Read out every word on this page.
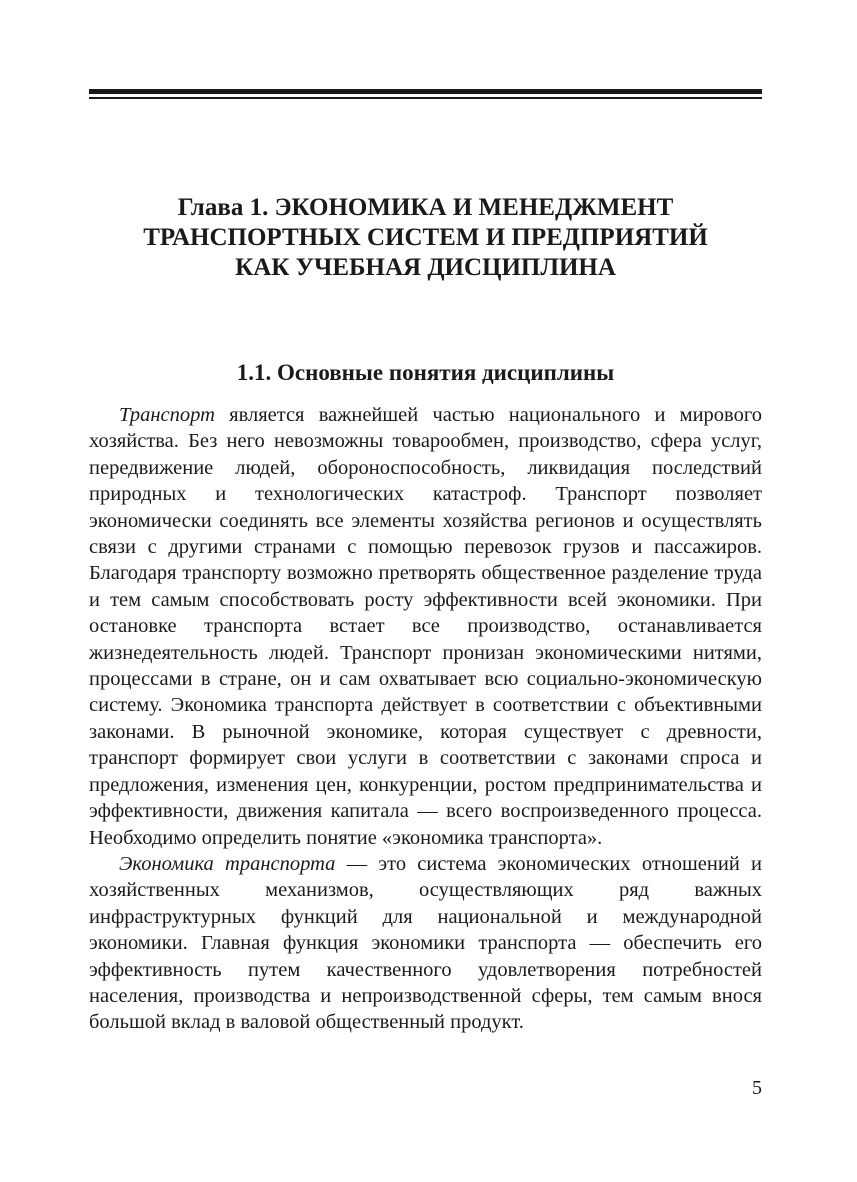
Глава 1. ЭКОНОМИКА И МЕНЕДЖМЕНТ
ТРАНСПОРТНЫХ СИСТЕМ И ПРЕДПРИЯТИЙ
КАК УЧЕБНАЯ ДИСЦИПЛИНА
1.1. Основные понятия дисциплины

Транспорт является важнейшей частью национального и мирового хозяйства. Без него невозможны товарообмен, производство, сфера услуг, передвижение людей, обороноспособность, ликвидация последствий природных и технологических катастроф. Транспорт позволяет экономически соединять все элементы хозяйства регионов и осуществлять связи с другими странами с помощью перевозок грузов и пассажиров. Благодаря транспорту возможно претворять общественное разделение труда и тем самым способствовать росту эффективности всей экономики. При остановке транспорта встает все производство, останавливается жизнедеятельность людей. Транспорт пронизан экономическими нитями, процессами в стране, он и сам охватывает всю социально-экономическую систему. Экономика транспорта действует в соответствии с объективными законами. В рыночной экономике, которая существует с древности, транспорт формирует свои услуги в соответствии с законами спроса и предложения, изменения цен, конкуренции, ростом предпринимательства и эффективности, движения капитала — всего воспроизведенного процесса. Необходимо определить понятие «экономика транспорта».

Экономика транспорта — это система экономических отношений и хозяйственных механизмов, осуществляющих ряд важных инфраструктурных функций для национальной и международной экономики. Главная функция экономики транспорта — обеспечить его эффективность путем качественного удовлетворения потребностей населения, производства и непроизводственной сферы, тем самым внося большой вклад в валовой общественный продукт.

5
